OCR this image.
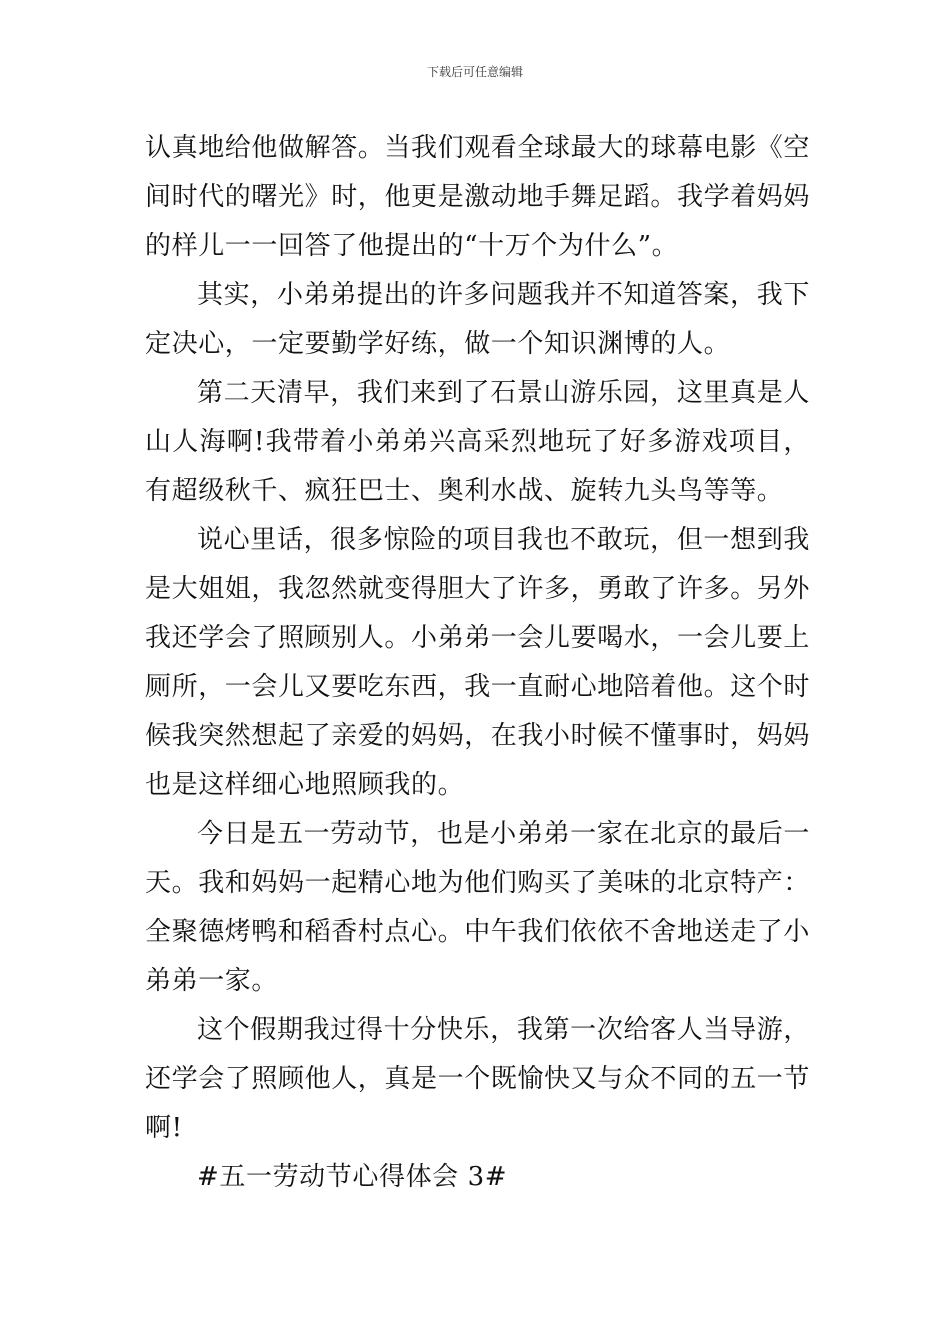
下载后可任意编辑

认真地给他做解答。当我们观看全球最大的球幕电影《空间时代的曙光》时，他更是激动地手舞足蹈。我学着妈妈的样儿一一回答了他提出的“十万个为什么”。

其实，小弟弟提出的许多问题我并不知道答案，我下定决心，一定要勤学好练，做一个知识渊博的人。

第二天清早，我们来到了石景山游乐园，这里真是人山人海啊!我带着小弟弟兴高采烈地玩了好多游戏项目，有超级秋千、疯狂巴士、奥利水战、旋转九头鸟等等。

说心里话，很多惊险的项目我也不敢玩，但一想到我是大姐姐，我忽然就变得胆大了许多，勇敢了许多。另外我还学会了照顾别人。小弟弟一会儿要喝水，一会儿要上厕所，一会儿又要吃东西，我一直耐心地陪着他。这个时候我突然想起了亲爱的妈妈，在我小时候不懂事时，妈妈也是这样细心地照顾我的。

今日是五一劳动节，也是小弟弟一家在北京的最后一天。我和妈妈一起精心地为他们购买了美味的北京特产：全聚德烤鸭和稻香村点心。中午我们依依不舍地送走了小弟弟一家。

这个假期我过得十分快乐，我第一次给客人当导游，还学会了照顾他人，真是一个既愉快又与众不同的五一节啊!

#五一劳动节心得体会 3#
